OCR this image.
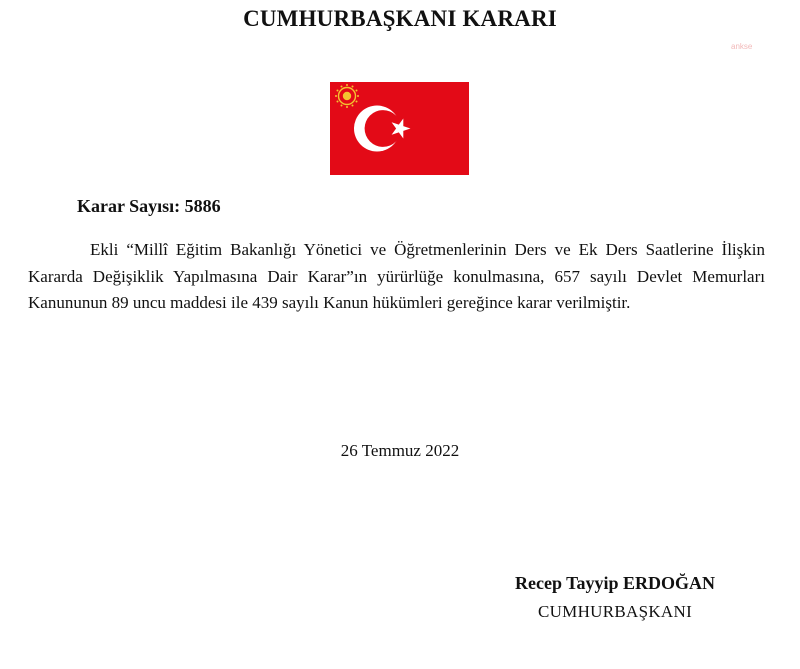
CUMHURBAŞKANI KARARI
ankse
Karar Sayısı: 5886

Ekli “Millî Eğitim Bakanlığı Yönetici ve Öğretmenlerinin Ders ve Ek Ders Saatlerine İlişkin Kararda Değişiklik Yapılmasına Dair Karar”ın yürürlüğe konulmasına, 657 sayılı Devlet Memurları Kanununun 89 uncu maddesi ile 439 sayılı Kanun hükümleri gereğince karar verilmiştir.

26 Temmuz 2022
Recep Tayyip ERDOĞAN
CUMHURBAŞKANI
